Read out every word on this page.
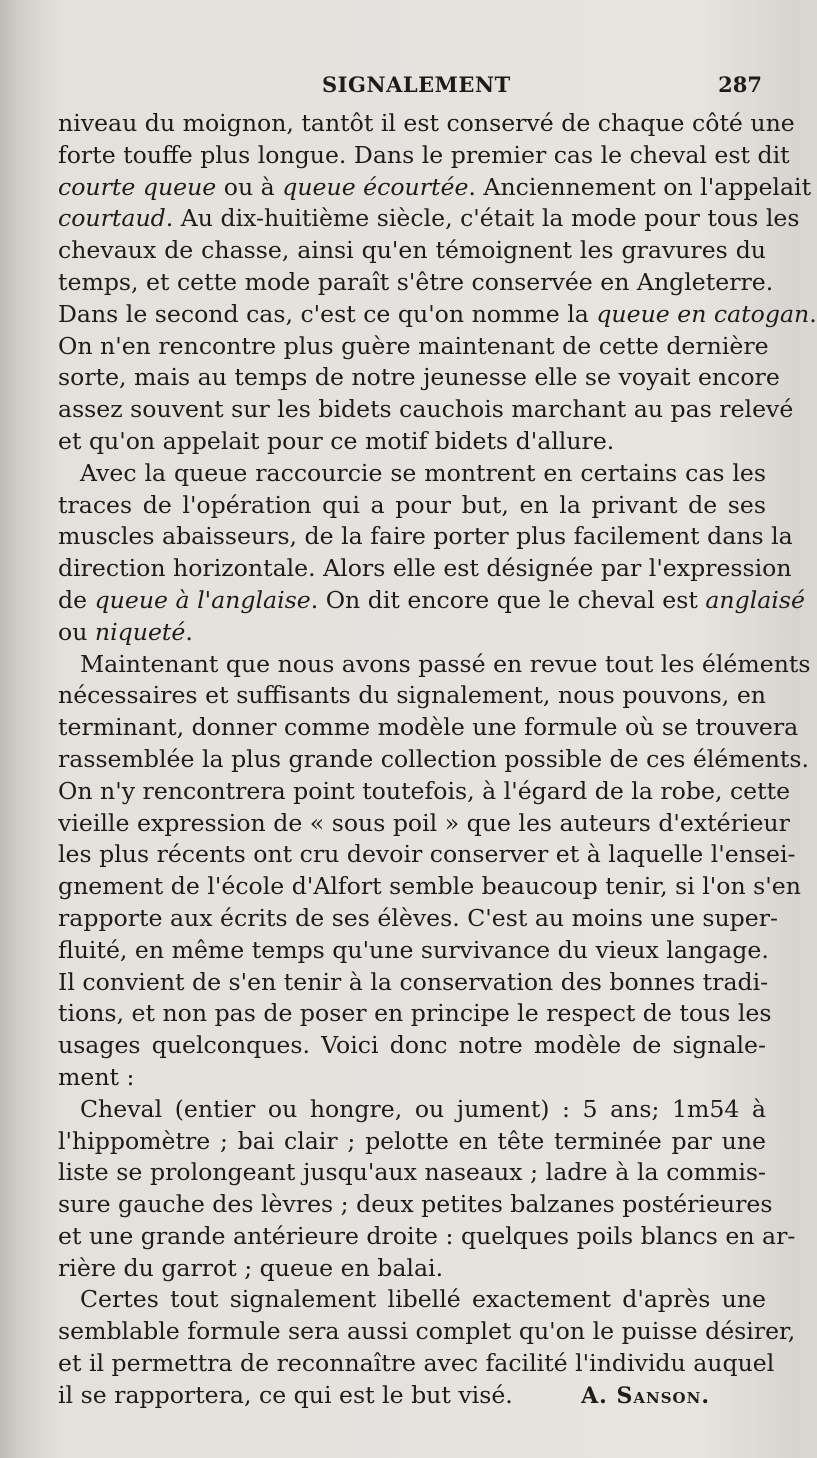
SIGNALEMENT	287

niveau du moignon, tantôt il est conservé de chaque côté une
forte touffe plus longue. Dans le premier cas le cheval est dit
courte queue ou à queue écourtée. Anciennement on l'appelait
courtaud. Au dix-huitième siècle, c'était la mode pour tous les
chevaux de chasse, ainsi qu'en témoignent les gravures du
temps, et cette mode paraît s'être conservée en Angleterre.
Dans le second cas, c'est ce qu'on nomme la queue en catogan.
On n'en rencontre plus guère maintenant de cette dernière
sorte, mais au temps de notre jeunesse elle se voyait encore
assez souvent sur les bidets cauchois marchant au pas relevé
et qu'on appelait pour ce motif bidets d'allure.

Avec la queue raccourcie se montrent en certains cas les
traces de l'opération qui a pour but, en la privant de ses
muscles abaisseurs, de la faire porter plus facilement dans la
direction horizontale. Alors elle est désignée par l'expression
de queue à l'anglaise. On dit encore que le cheval est anglaisé
ou niqueté.

Maintenant que nous avons passé en revue tout les éléments
nécessaires et suffisants du signalement, nous pouvons, en
terminant, donner comme modèle une formule où se trouvera
rassemblée la plus grande collection possible de ces éléments.
On n'y rencontrera point toutefois, à l'égard de la robe, cette
vieille expression de « sous poil » que les auteurs d'extérieur
les plus récents ont cru devoir conserver et à laquelle l'ensei-
gnement de l'école d'Alfort semble beaucoup tenir, si l'on s'en
rapporte aux écrits de ses élèves. C'est au moins une super-
fluité, en même temps qu'une survivance du vieux langage.
Il convient de s'en tenir à la conservation des bonnes tradi-
tions, et non pas de poser en principe le respect de tous les
usages quelconques. Voici donc notre modèle de signale-
ment :

Cheval (entier ou hongre, ou jument) : 5 ans; 1m54 à
l'hippomètre ; bai clair ; pelotte en tête terminée par une
liste se prolongeant jusqu'aux naseaux ; ladre à la commis-
sure gauche des lèvres ; deux petites balzanes postérieures
et une grande antérieure droite : quelques poils blancs en ar-
rière du garrot ; queue en balai.

Certes tout signalement libellé exactement d'après une
semblable formule sera aussi complet qu'on le puisse désirer,
et il permettra de reconnaître avec facilité l'individu auquel
il se rapportera, ce qui est le but visé.	A. Sanson.
